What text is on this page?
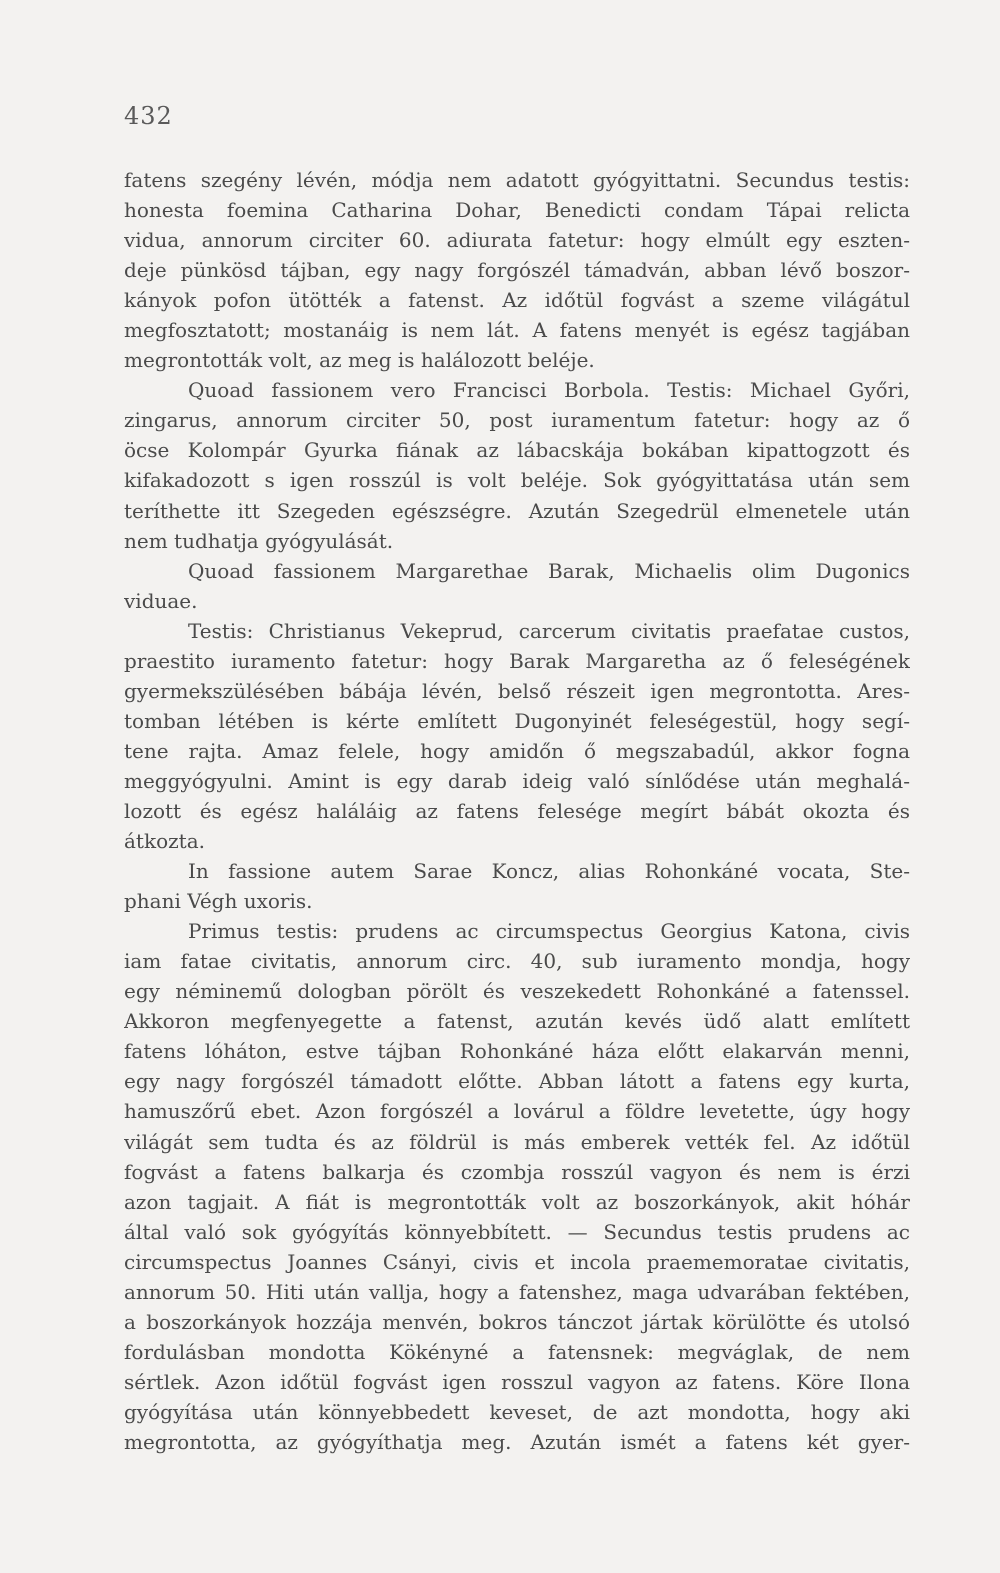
432
fatens szegény lévén, módja nem adatott gyógyittatni. Secundus testis:
honesta foemina Catharina Dohar, Benedicti condam Tápai relicta
vidua, annorum circiter 60. adiurata fatetur: hogy elmúlt egy eszten-
deje pünkösd tájban, egy nagy forgószél támadván, abban lévő boszor-
kányok pofon ütötték a fatenst. Az időtül fogvást a szeme világátul
megfosztatott; mostanáig is nem lát. A fatens menyét is egész tagjában
megrontották volt, az meg is halálozott beléje.
Quoad fassionem vero Francisci Borbola. Testis: Michael Győri,
zingarus, annorum circiter 50, post iuramentum fatetur: hogy az ő
öcse Kolompár Gyurka fiának az lábacskája bokában kipattogzott és
kifakadozott s igen rosszúl is volt beléje. Sok gyógyittatása után sem
teríthette itt Szegeden egészségre. Azután Szegedrül elmenetele után
nem tudhatja gyógyulását.
Quoad fassionem Margarethae Barak, Michaelis olim Dugonics
viduae.
Testis: Christianus Vekeprud, carcerum civitatis praefatae custos,
praestito iuramento fatetur: hogy Barak Margaretha az ő feleségének
gyermekszülésében bábája lévén, belső részeit igen megrontotta. Ares-
tomban létében is kérte említett Dugonyinét feleségestül, hogy segí-
tene rajta. Amaz felele, hogy amidőn ő megszabadúl, akkor fogna
meggyógyulni. Amint is egy darab ideig való sínlődése után meghalá-
lozott és egész haláláig az fatens felesége megírt bábát okozta és
átkozta.
In fassione autem Sarae Koncz, alias Rohonkáné vocata, Ste-
phani Végh uxoris.
Primus testis: prudens ac circumspectus Georgius Katona, civis
iam fatae civitatis, annorum circ. 40, sub iuramento mondja, hogy
egy néminemű dologban pörölt és veszekedett Rohonkáné a fatenssel.
Akkoron megfenyegette a fatenst, azután kevés üdő alatt említett
fatens lóháton, estve tájban Rohonkáné háza előtt elakarván menni,
egy nagy forgószél támadott előtte. Abban látott a fatens egy kurta,
hamuszőrű ebet. Azon forgószél a lovárul a földre levetette, úgy hogy
világát sem tudta és az földrül is más emberek vették fel. Az időtül
fogvást a fatens balkarja és czombja rosszúl vagyon és nem is érzi
azon tagjait. A fiát is megrontották volt az boszorkányok, akit hóhár
által való sok gyógyítás könnyebbített. — Secundus testis prudens ac
circumspectus Joannes Csányi, civis et incola praememoratae civitatis,
annorum 50. Hiti után vallja, hogy a fatenshez, maga udvarában fektében,
a boszorkányok hozzája menvén, bokros tánczot jártak körülötte és utolsó
fordulásban mondotta Kökényné a fatensnek: megváglak, de nem
sértlek. Azon időtül fogvást igen rosszul vagyon az fatens. Köre Ilona
gyógyítása után könnyebbedett keveset, de azt mondotta, hogy aki
megrontotta, az gyógyíthatja meg. Azután ismét a fatens két gyer-
